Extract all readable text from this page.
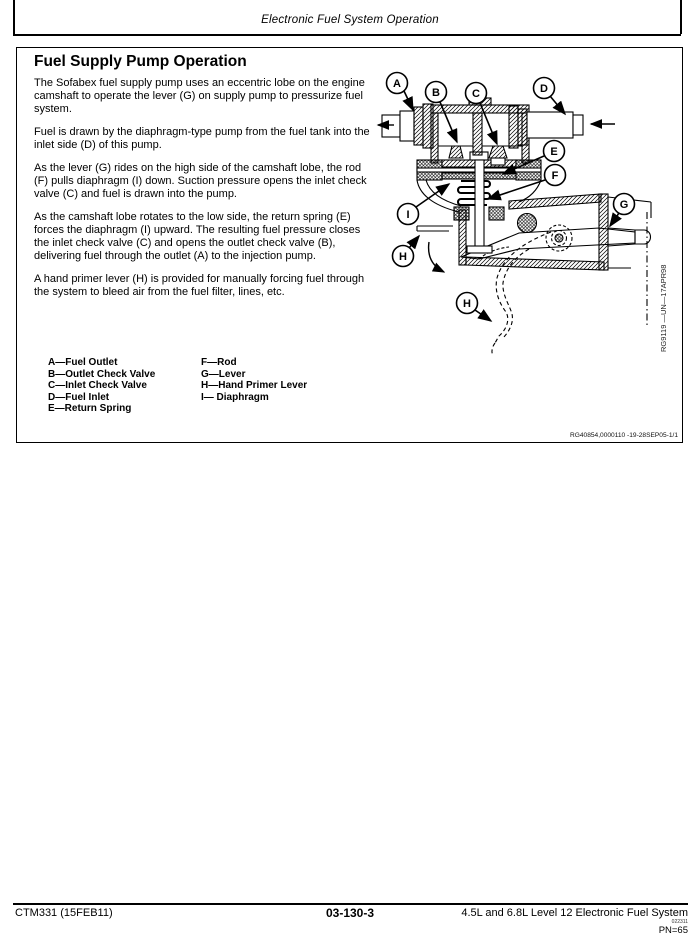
Electronic Fuel System Operation
Fuel Supply Pump Operation

The Sofabex fuel supply pump uses an eccentric lobe on the engine camshaft to operate the lever (G) on supply pump to pressurize fuel system.

Fuel is drawn by the diaphragm-type pump from the fuel tank into the inlet side (D) of this pump.

As the lever (G) rides on the high side of the camshaft lobe, the rod (F) pulls diaphragm (I) down. Suction pressure opens the inlet check valve (C) and fuel is drawn into the pump.

As the camshaft lobe rotates to the low side, the return spring (E) forces the diaphragm (I) upward. The resulting fuel pressure closes the inlet check valve (C) and opens the outlet check valve (B), delivering fuel through the outlet (A) to the injection pump.

A hand primer lever (H) is provided for manually forcing fuel through the system to bleed air from the fuel filter, lines, etc.

A—Fuel Outlet
B—Outlet Check Valve
C—Inlet Check Valve
D—Fuel Inlet
E—Return Spring
F—Rod
G—Lever
H—Hand Primer Lever
I— Diaphragm
A
B	C	D
E
F
I
G
H
H	RG9119 —UN—17APR98
RG40854,0000110 -19-28SEP05-1/1
CTM331 (15FEB11)	03-130-3	4.5L and 6.8L Level 12 Electronic Fuel System
022311
PN=65
